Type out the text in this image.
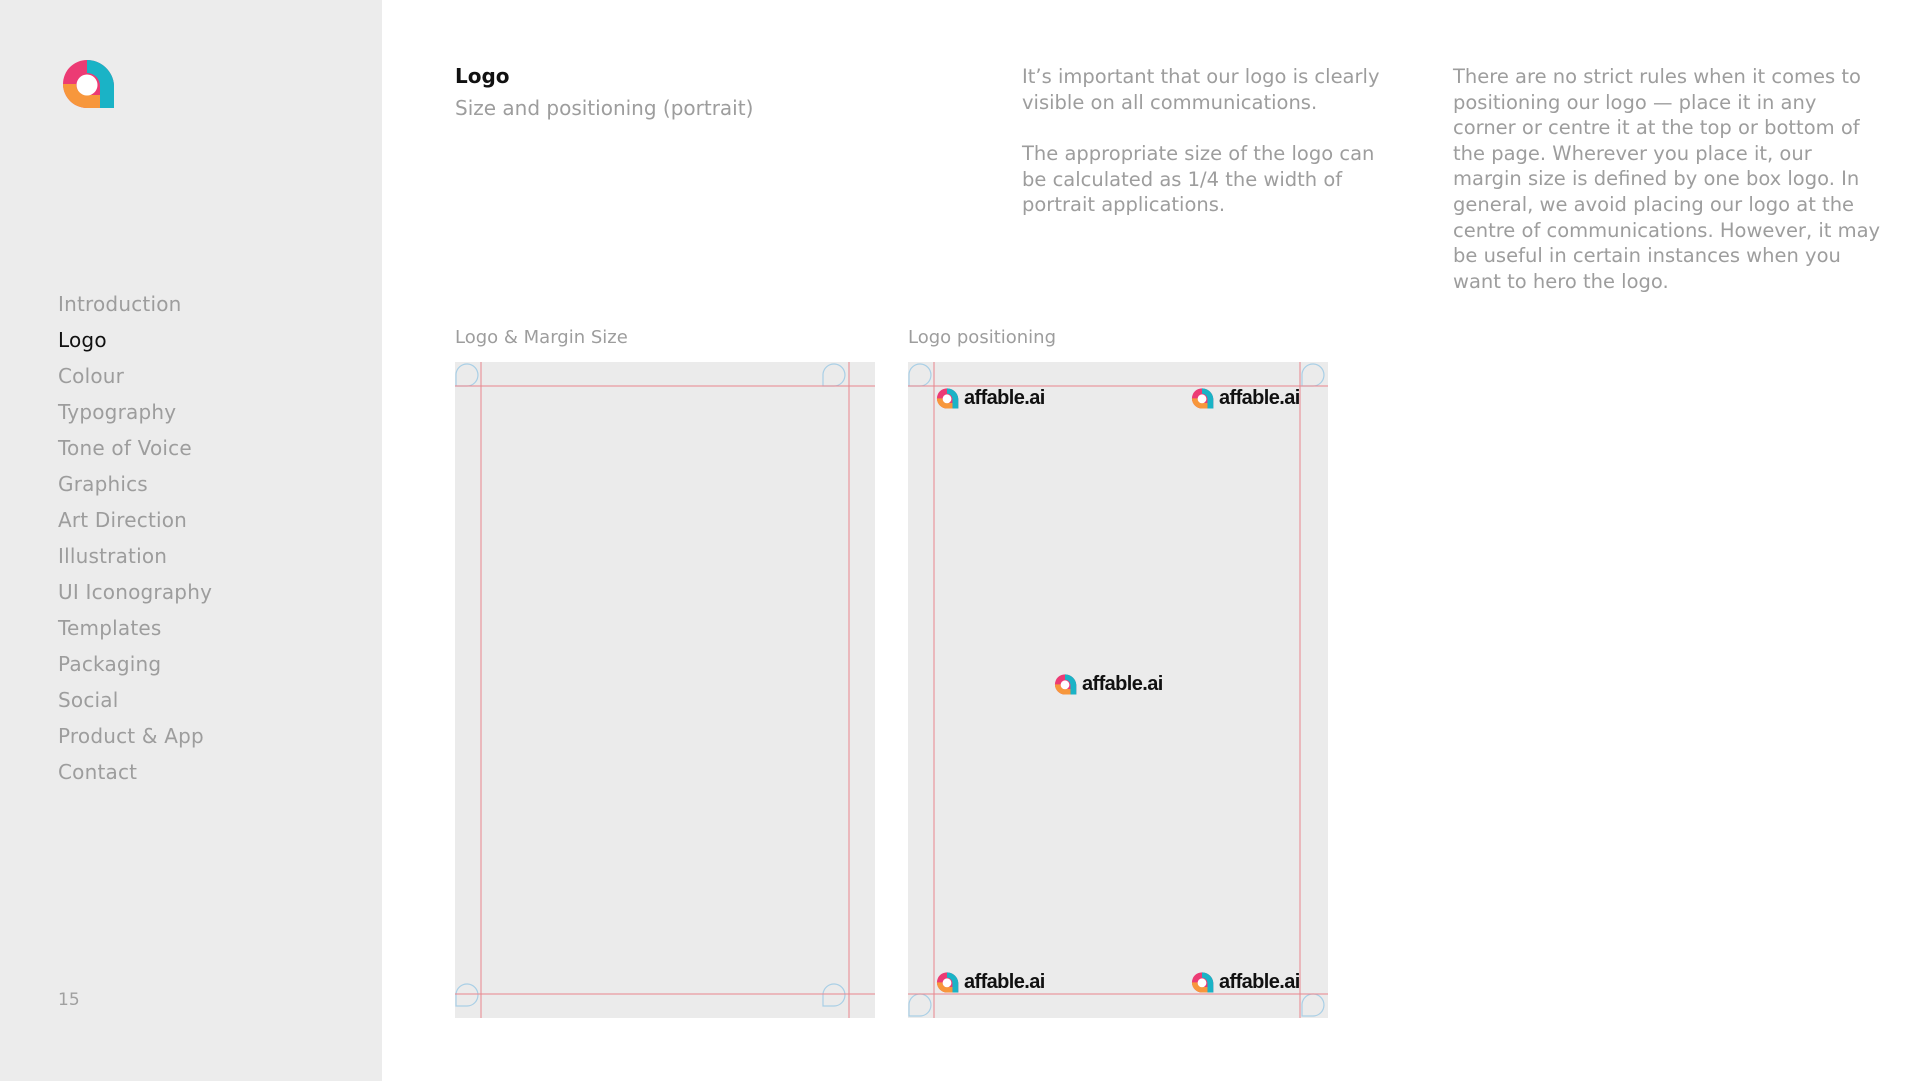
Introduction
Logo
Colour
Typography
Tone of Voice
Graphics
Art Direction
Illustration
UI Iconography
Templates
Packaging
Social
Product & App
Contact
15
Logo
Size and positioning (portrait)

It’s important that our logo is clearly visible on all communications.

The appropriate size of the logo can be calculated as 1/4 the width of portrait applications.

There are no strict rules when it comes to positioning our logo — place it in any corner or centre it at the top or bottom of the page. Wherever you place it, our margin size is defined by one box logo. In general, we avoid placing our logo at the centre of communications. However, it may be useful in certain instances when you want to hero the logo.

Logo & Margin Size	Logo positioning
affable.ai	affable.ai
affable.ai
affable.ai	affable.ai
